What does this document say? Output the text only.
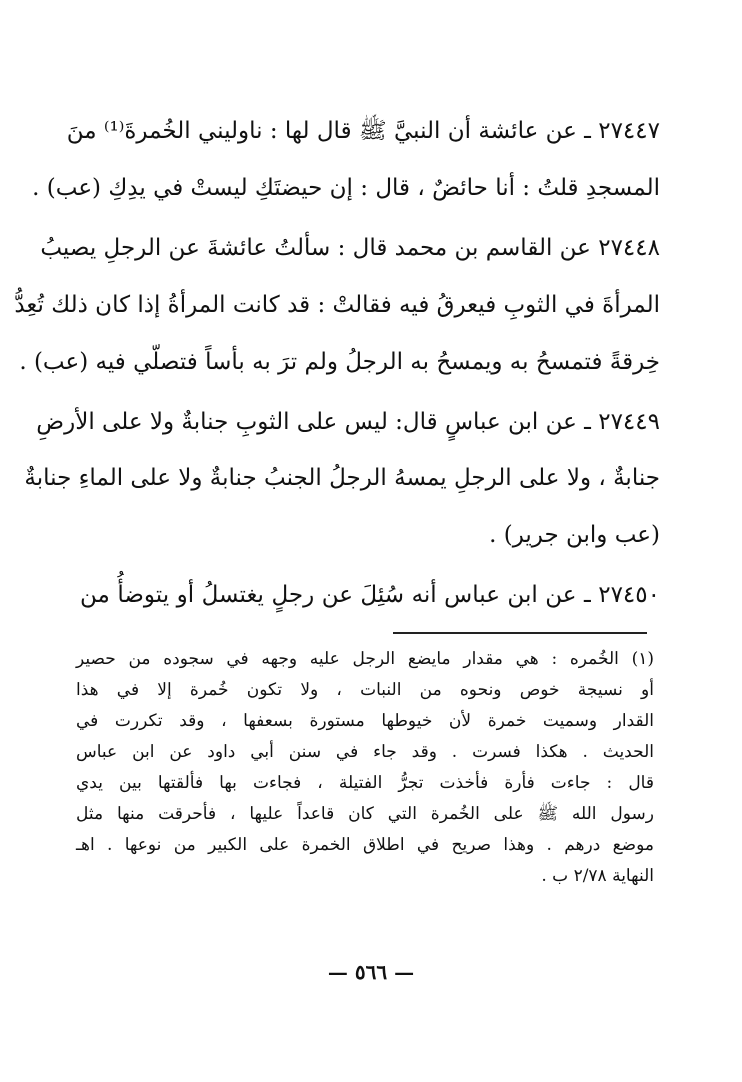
٢٧٤٤٧ ـ عن عائشة أن النبيَّ ﷺ قال لها : ناوليني الخُمرةَ⁽¹⁾ منَ
المسجدِ قلتُ : أنا حائضٌ ، قال : إن حيضتَكِ ليستْ في يدِكِ (عب) .
٢٧٤٤٨ عن القاسم بن محمد قال : سألتُ عائشةَ عن الرجلِ يصيبُ
المرأةَ في الثوبِ فيعرقُ فيه فقالتْ : قد كانت المرأةُ إذا كان ذلك تُعِدُّ
خِرقةً فتمسحُ به ويمسحُ به الرجلُ ولم ترَ به بأساً فتصلّي فيه (عب) .
٢٧٤٤٩ ـ عن ابن عباسٍ قال: ليس على الثوبِ جنابةٌ ولا على الأرضِ
جنابةٌ ، ولا على الرجلِ يمسهُ الرجلُ الجنبُ جنابةٌ ولا على الماءِ جنابةٌ
(عب وابن جرير) .
٢٧٤٥٠ ـ عن ابن عباس أنه سُئِلَ عن رجلٍ يغتسلُ أو يتوضأُ من
(١) الخُمره : هي مقدار مايضع الرجل عليه وجهه في سجوده من حصير
أو نسيجة خوص ونحوه من النبات ، ولا تكون خُمرة إلا في هذا
القدار وسميت خمرة لأن خيوطها مستورة بسعفها ، وقد تكررت في
الحديث . هكذا فسرت . وقد جاء في سنن أبي داود عن ابن عباس
قال : جاءت فأرة فأخذت تجرُّ الفتيلة ، فجاءت بها فألقتها بين يدي
رسول الله ﷺ على الخُمرة التي كان قاعداً عليها ، فأحرقت منها مثل
موضع درهم . وهذا صريح في اطلاق الخمرة على الكبير من نوعها . اهـ
النهاية ٢/٧٨ ب .
— ٥٦٦ —
